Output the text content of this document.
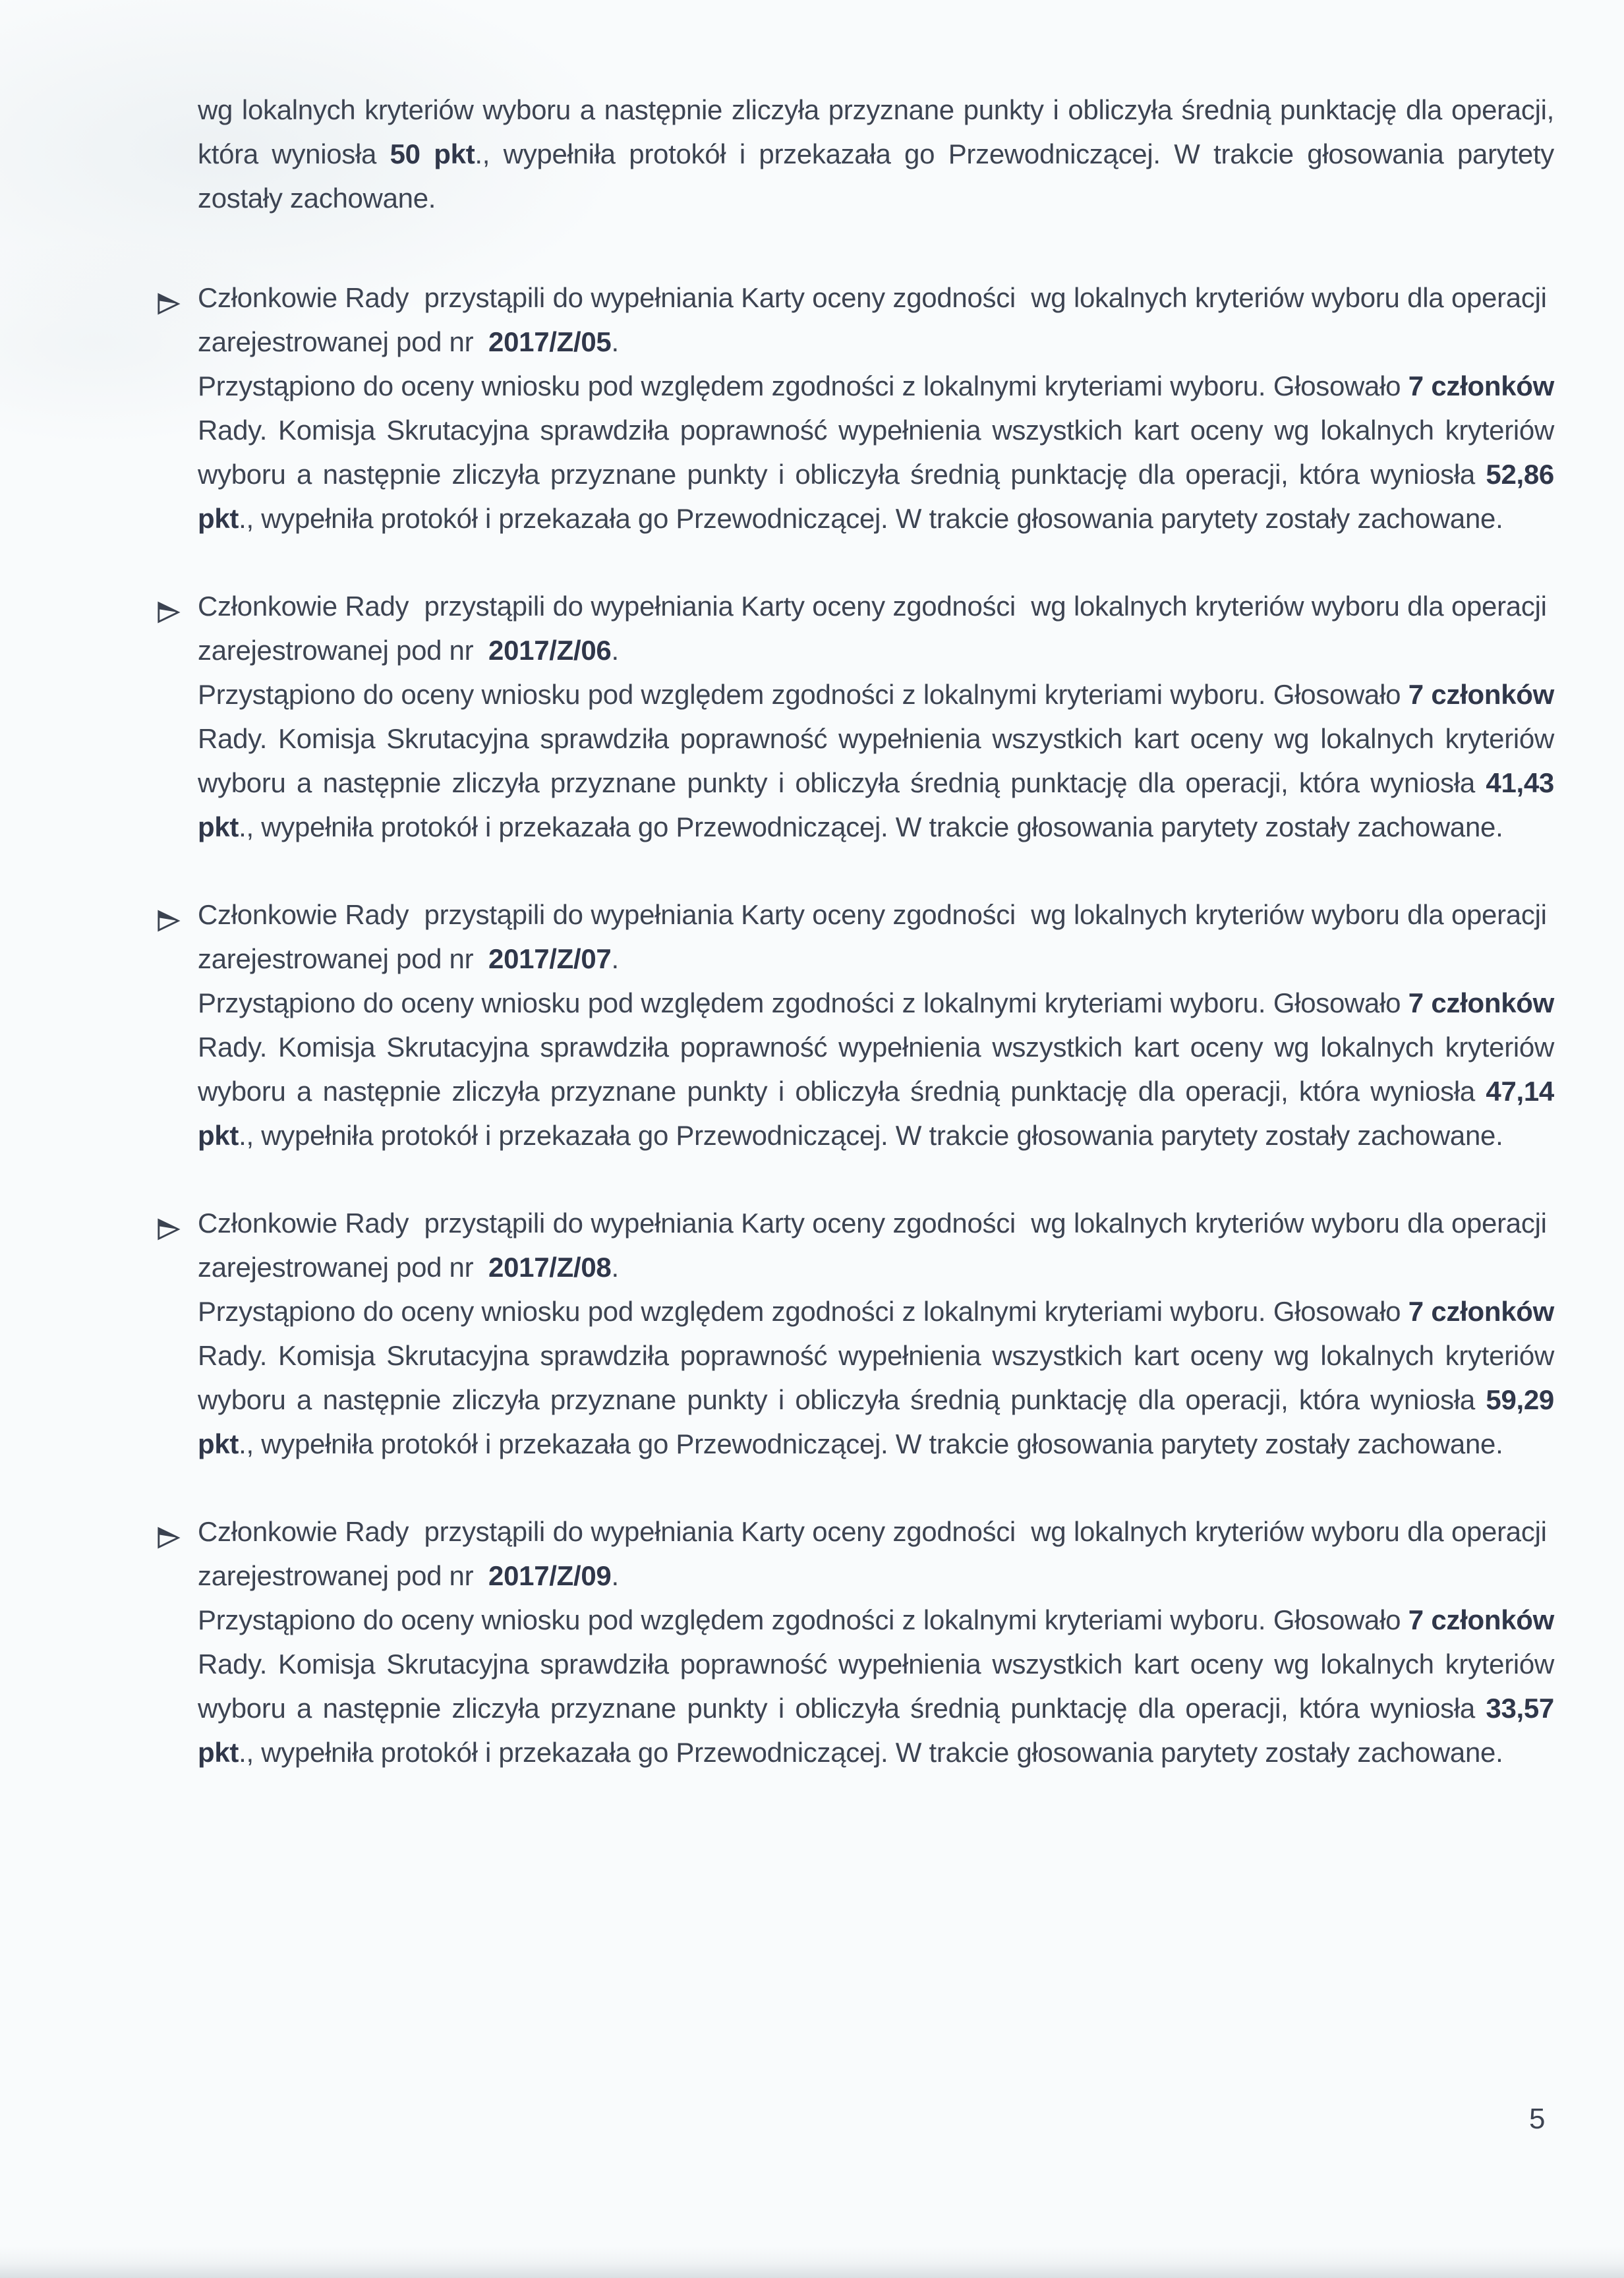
wg lokalnych kryteriów wyboru a następnie zliczyła przyznane punkty i obliczyła średnią punktację dla operacji, która wyniosła 50 pkt., wypełniła protokół i przekazała go Przewodniczącej. W trakcie głosowania parytety zostały zachowane.

Członkowie Rady  przystąpili do wypełniania Karty oceny zgodności  wg lokalnych kryteriów wyboru dla operacji  zarejestrowanej pod nr  2017/Z/05.
Przystąpiono do oceny wniosku pod względem zgodności z lokalnymi kryteriami wyboru. Głosowało 7 członków Rady. Komisja Skrutacyjna sprawdziła poprawność wypełnienia wszystkich kart oceny wg lokalnych kryteriów wyboru a następnie zliczyła przyznane punkty i obliczyła średnią punktację dla operacji, która wyniosła 52,86 pkt., wypełniła protokół i przekazała go Przewodniczącej. W trakcie głosowania parytety zostały zachowane.
Członkowie Rady  przystąpili do wypełniania Karty oceny zgodności  wg lokalnych kryteriów wyboru dla operacji  zarejestrowanej pod nr  2017/Z/06.
Przystąpiono do oceny wniosku pod względem zgodności z lokalnymi kryteriami wyboru. Głosowało 7 członków Rady. Komisja Skrutacyjna sprawdziła poprawność wypełnienia wszystkich kart oceny wg lokalnych kryteriów wyboru a następnie zliczyła przyznane punkty i obliczyła średnią punktację dla operacji, która wyniosła 41,43 pkt., wypełniła protokół i przekazała go Przewodniczącej. W trakcie głosowania parytety zostały zachowane.
Członkowie Rady  przystąpili do wypełniania Karty oceny zgodności  wg lokalnych kryteriów wyboru dla operacji  zarejestrowanej pod nr  2017/Z/07.
Przystąpiono do oceny wniosku pod względem zgodności z lokalnymi kryteriami wyboru. Głosowało 7 członków Rady. Komisja Skrutacyjna sprawdziła poprawność wypełnienia wszystkich kart oceny wg lokalnych kryteriów wyboru a następnie zliczyła przyznane punkty i obliczyła średnią punktację dla operacji, która wyniosła 47,14 pkt., wypełniła protokół i przekazała go Przewodniczącej. W trakcie głosowania parytety zostały zachowane.
Członkowie Rady  przystąpili do wypełniania Karty oceny zgodności  wg lokalnych kryteriów wyboru dla operacji  zarejestrowanej pod nr  2017/Z/08.
Przystąpiono do oceny wniosku pod względem zgodności z lokalnymi kryteriami wyboru. Głosowało 7 członków Rady. Komisja Skrutacyjna sprawdziła poprawność wypełnienia wszystkich kart oceny wg lokalnych kryteriów wyboru a następnie zliczyła przyznane punkty i obliczyła średnią punktację dla operacji, która wyniosła 59,29 pkt., wypełniła protokół i przekazała go Przewodniczącej. W trakcie głosowania parytety zostały zachowane.
Członkowie Rady  przystąpili do wypełniania Karty oceny zgodności  wg lokalnych kryteriów wyboru dla operacji  zarejestrowanej pod nr  2017/Z/09.
Przystąpiono do oceny wniosku pod względem zgodności z lokalnymi kryteriami wyboru. Głosowało 7 członków Rady. Komisja Skrutacyjna sprawdziła poprawność wypełnienia wszystkich kart oceny wg lokalnych kryteriów wyboru a następnie zliczyła przyznane punkty i obliczyła średnią punktację dla operacji, która wyniosła 33,57 pkt., wypełniła protokół i przekazała go Przewodniczącej. W trakcie głosowania parytety zostały zachowane.
5
